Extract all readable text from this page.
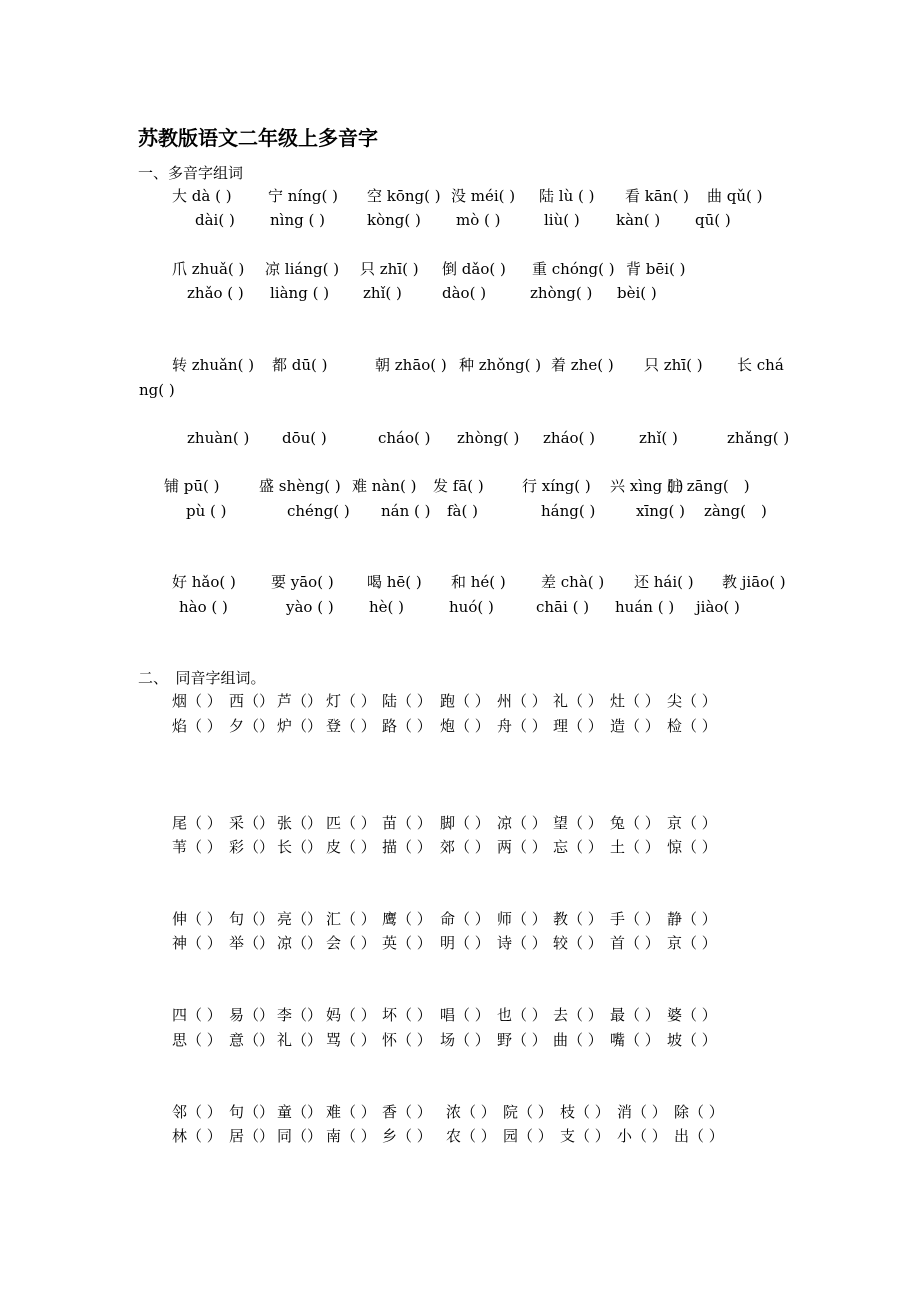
苏教版语文二年级上多音字
一、多音字组词
二、　同音字组词。
大 dà ( ) 宁 níng( ) 空 kōng( ) 没 méi( ) 陆 lù ( ) 看 kān( ) 曲 qǔ( )
dài( ) nìng ( )	kòng( ) mò ( )	liù( ) kàn( ) qū( )
爪 zhuǎ( ) 凉 liáng( ) 只 zhī( ) 倒 dǎo( ) 重 chóng( ) 背 bēi( )
zhǎo ( ) liàng ( ) zhǐ( )	dào( )	zhòng( ) bèi( )
转 zhuǎn( ) 都 dū( )	朝 zhāo( ) 种 zhǒng( ) 着 zhe( ) 只 zhī( ) 长 chá
ng( )
zhuàn( ) dōu( )	cháo( ) zhòng( ) zháo( )	zhǐ( )	zhǎng( )
铺 pū( )	盛 shèng( ) 难 nàn( ) 发 fā( )	行 xíng( ) 兴 xìng ( )
脏 zāng(　)
pù ( )	chéng( ) nán ( ) fà( )	háng( )	xīng( ) zàng(　)
好 hǎo( ) 要 yāo( ) 喝 hē( ) 和 hé( ) 差 chà( ) 还 hái( ) 教 jiāo( )
hào ( )	yào ( ) hè( )	huó( )	chāi ( ) huán ( ) jiào( )
烟（ ） 西（） 芦（） 灯（ ） 陆（ ） 跑（ ） 州（ ） 礼（ ） 灶（ ） 尖（ ）
焰（ ） 夕（） 炉（） 登（ ） 路（ ） 炮（ ） 舟（ ） 理（ ） 造（ ） 检（ ）
尾（ ） 采（） 张（） 匹（ ） 苗（ ） 脚（ ） 凉（ ） 望（ ） 兔（ ） 京（ ）
苇（ ） 彩（） 长（） 皮（ ） 描（ ） 郊（ ） 两（ ） 忘（ ） 土（ ） 惊（ ）
伸（ ） 句（） 亮（） 汇（ ） 鹰（ ） 命（ ） 师（ ） 教（ ） 手（ ） 静（ ）
神（ ） 举（） 凉（） 会（ ） 英（ ） 明（ ） 诗（ ） 较（ ） 首（ ） 京（ ）
四（ ） 易（） 李（） 妈（ ） 坏（ ） 唱（ ） 也（ ） 去（ ） 最（ ） 婆（ ）
思（ ） 意（） 礼（） 骂（ ） 怀（ ） 场（ ） 野（ ） 曲（ ） 嘴（ ） 坡（ ）
邻（ ） 句（） 童（） 难（ ） 香（ ） 浓（ ） 院（ ） 枝（ ） 消（ ） 除（ ）
林（ ） 居（） 同（） 南（ ） 乡（ ） 农（ ） 园（ ） 支（ ） 小（ ） 出（ ）
